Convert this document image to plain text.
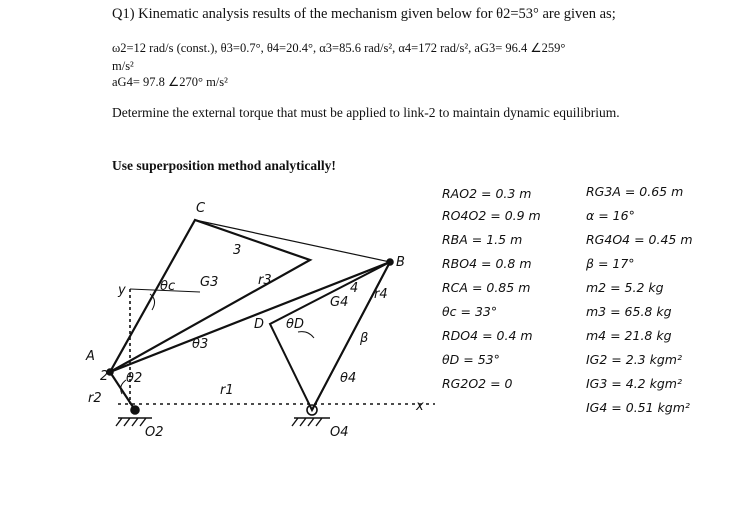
Q1) Kinematic analysis results of the mechanism given below for θ2=53° are given as;
ω2=12 rad/s (const.), θ3=0.7°, θ4=20.4°, α3=85.6 rad/s², α4=172 rad/s², aG3= 96.4 ∠259°
m/s²
aG4= 97.8 ∠270° m/s²
Determine the external torque that must be applied to link-2 to maintain dynamic equilibrium.
Use superposition method analytically!
C
3
B
4
G3	r3
G4
r4
y	θc
D θD
β
θ3
A
2 θ2
r2
r1
θ4
O2	O4
x
RAO2 = 0.3 m
RO4O2 = 0.9 m
RBA = 1.5 m
RBO4 = 0.8 m
RCA = 0.85 m
θc = 33°
RDO4 = 0.4 m
θD = 53°
RG2O2 = 0
RG3A = 0.65 m
α = 16°
RG4O4 = 0.45 m
β = 17°
m2 = 5.2 kg
m3 = 65.8 kg
m4 = 21.8 kg
IG2 = 2.3 kgm²
IG3 = 4.2 kgm²
IG4 = 0.51 kgm²
